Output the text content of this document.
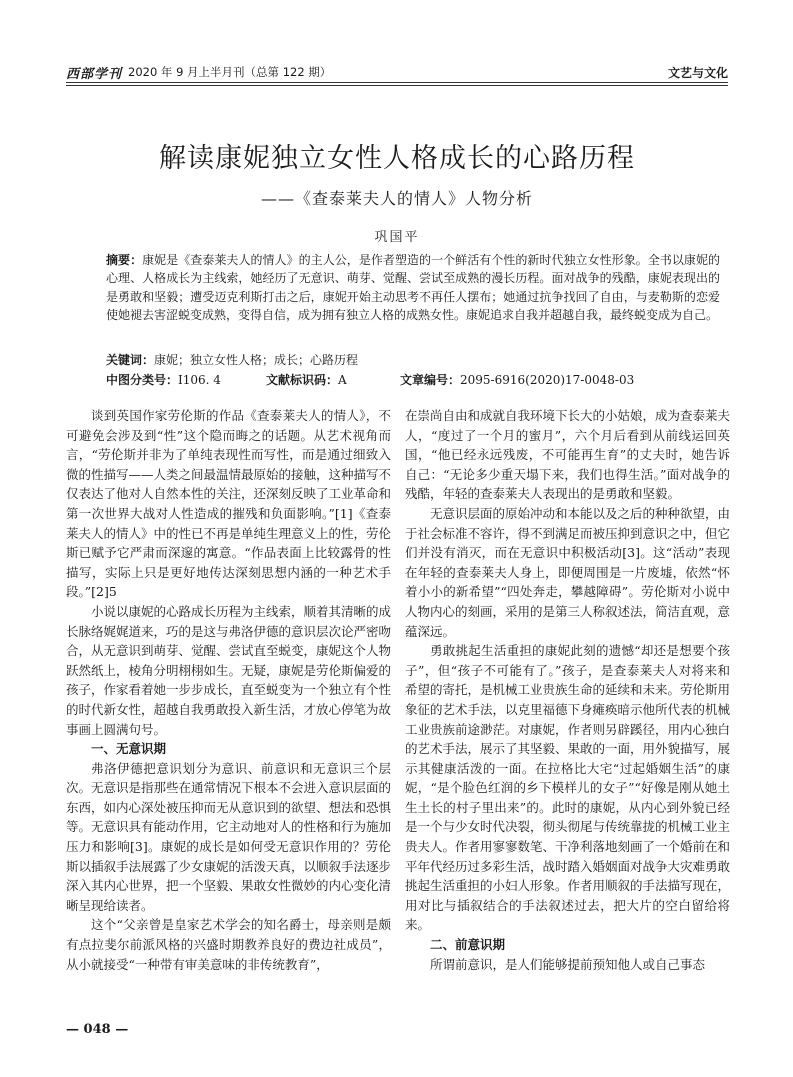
西部学刊 2020 年 9 月上半月刊（总第 122 期）	文艺与文化
解读康妮独立女性人格成长的心路历程
——《查泰莱夫人的情人》人物分析
巩国平
摘要：康妮是《查泰莱夫人的情人》的主人公，是作者塑造的一个鲜活有个性的新时代独立女性形象。全书以康妮的心理、人格成长为主线索，她经历了无意识、萌芽、觉醒、尝试至成熟的漫长历程。面对战争的残酷，康妮表现出的是勇敢和坚毅；遭受迈克利斯打击之后，康妮开始主动思考不再任人摆布；她通过抗争找回了自由，与麦勒斯的恋爱使她褪去害涩蜕变成熟，变得自信，成为拥有独立人格的成熟女性。康妮追求自我并超越自我，最终蜕变成为自己。
关键词：康妮；独立女性人格；成长；心路历程
中图分类号：I106. 4	文献标识码：A	文章编号：2095-6916(2020)17-0048-03

谈到英国作家劳伦斯的作品《查泰莱夫人的情人》，不可避免会涉及到“性”这个隐而晦之的话题。从艺术视角而言，“劳伦斯并非为了单纯表现性而写性，而是通过细致入微的性描写——人类之间最温情最原始的接触，这种描写不仅表达了他对人自然本性的关注，还深刻反映了工业革命和第一次世界大战对人性造成的摧残和负面影响。”[1]《查泰莱夫人的情人》中的性已不再是单纯生理意义上的性，劳伦斯已赋予它严肃而深邃的寓意。“作品表面上比较露骨的性描写，实际上只是更好地传达深刻思想内涵的一种艺术手段。”[2]5

小说以康妮的心路成长历程为主线索，顺着其清晰的成长脉络娓娓道来，巧的是这与弗洛伊德的意识层次论严密吻合，从无意识到萌芽、觉醒、尝试直至蜕变，康妮这个人物跃然纸上，棱角分明栩栩如生。无疑，康妮是劳伦斯偏爱的孩子，作家看着她一步步成长，直至蜕变为一个独立有个性的时代新女性，超越自我勇敢投入新生活，才放心停笔为故事画上圆满句号。

一、无意识期

弗洛伊德把意识划分为意识、前意识和无意识三个层次。无意识是指那些在通常情况下根本不会进入意识层面的东西，如内心深处被压抑而无从意识到的欲望、想法和恐惧等。无意识具有能动作用，它主动地对人的性格和行为施加压力和影响[3]。康妮的成长是如何受无意识作用的？劳伦斯以插叙手法展露了少女康妮的活泼天真，以顺叙手法逐步深入其内心世界，把一个坚毅、果敢女性微妙的内心变化清晰呈现给读者。

这个“父亲曾是皇家艺术学会的知名爵士，母亲则是颇有点拉斐尔前派风格的兴盛时期教养良好的费边社成员”，从小就接受“一种带有审美意味的非传统教育”，

在崇尚自由和成就自我环境下长大的小姑娘，成为查泰莱夫人，“度过了一个月的蜜月”，六个月后看到从前线运回英国，“他已经永远残废，不可能再生育”的丈夫时，她告诉自己：“无论多少重天塌下来，我们也得生活。”面对战争的残酷，年轻的查泰莱夫人表现出的是勇敢和坚毅。

无意识层面的原始冲动和本能以及之后的种种欲望，由于社会标准不容许，得不到满足而被压抑到意识之中，但它们并没有消灭，而在无意识中积极活动[3]。这“活动”表现在年轻的查泰莱夫人身上，即便周围是一片废墟，依然“怀着小小的新希望”“四处奔走，攀越障碍”。劳伦斯对小说中人物内心的刻画，采用的是第三人称叙述法，简洁直观，意蕴深远。

勇敢挑起生活重担的康妮此刻的遗憾“却还是想要个孩子”，但“孩子不可能有了。”孩子，是查泰莱夫人对将来和希望的寄托，是机械工业贵族生命的延续和未来。劳伦斯用象征的艺术手法，以克里福德下身瘫痪暗示他所代表的机械工业贵族前途渺茫。对康妮，作者则另辟蹊径，用内心独白的艺术手法，展示了其坚毅、果敢的一面，用外貌描写，展示其健康活泼的一面。在拉格比大宅“过起婚姻生活”的康妮，“是个脸色红润的乡下模样儿的女子”“好像是刚从她土生土长的村子里出来”的。此时的康妮，从内心到外貌已经是一个与少女时代决裂，彻头彻尾与传统靠拢的机械工业主贵夫人。作者用寥寥数笔、干净利落地刻画了一个婚前在和平年代经历过多彩生活，战时踏入婚姻面对战争大灾难勇敢挑起生活重担的小妇人形象。作者用顺叙的手法描写现在，用对比与插叙结合的手法叙述过去，把大片的空白留给将来。

二、前意识期

所谓前意识，是人们能够提前预知他人或自己事态

— 048 —
